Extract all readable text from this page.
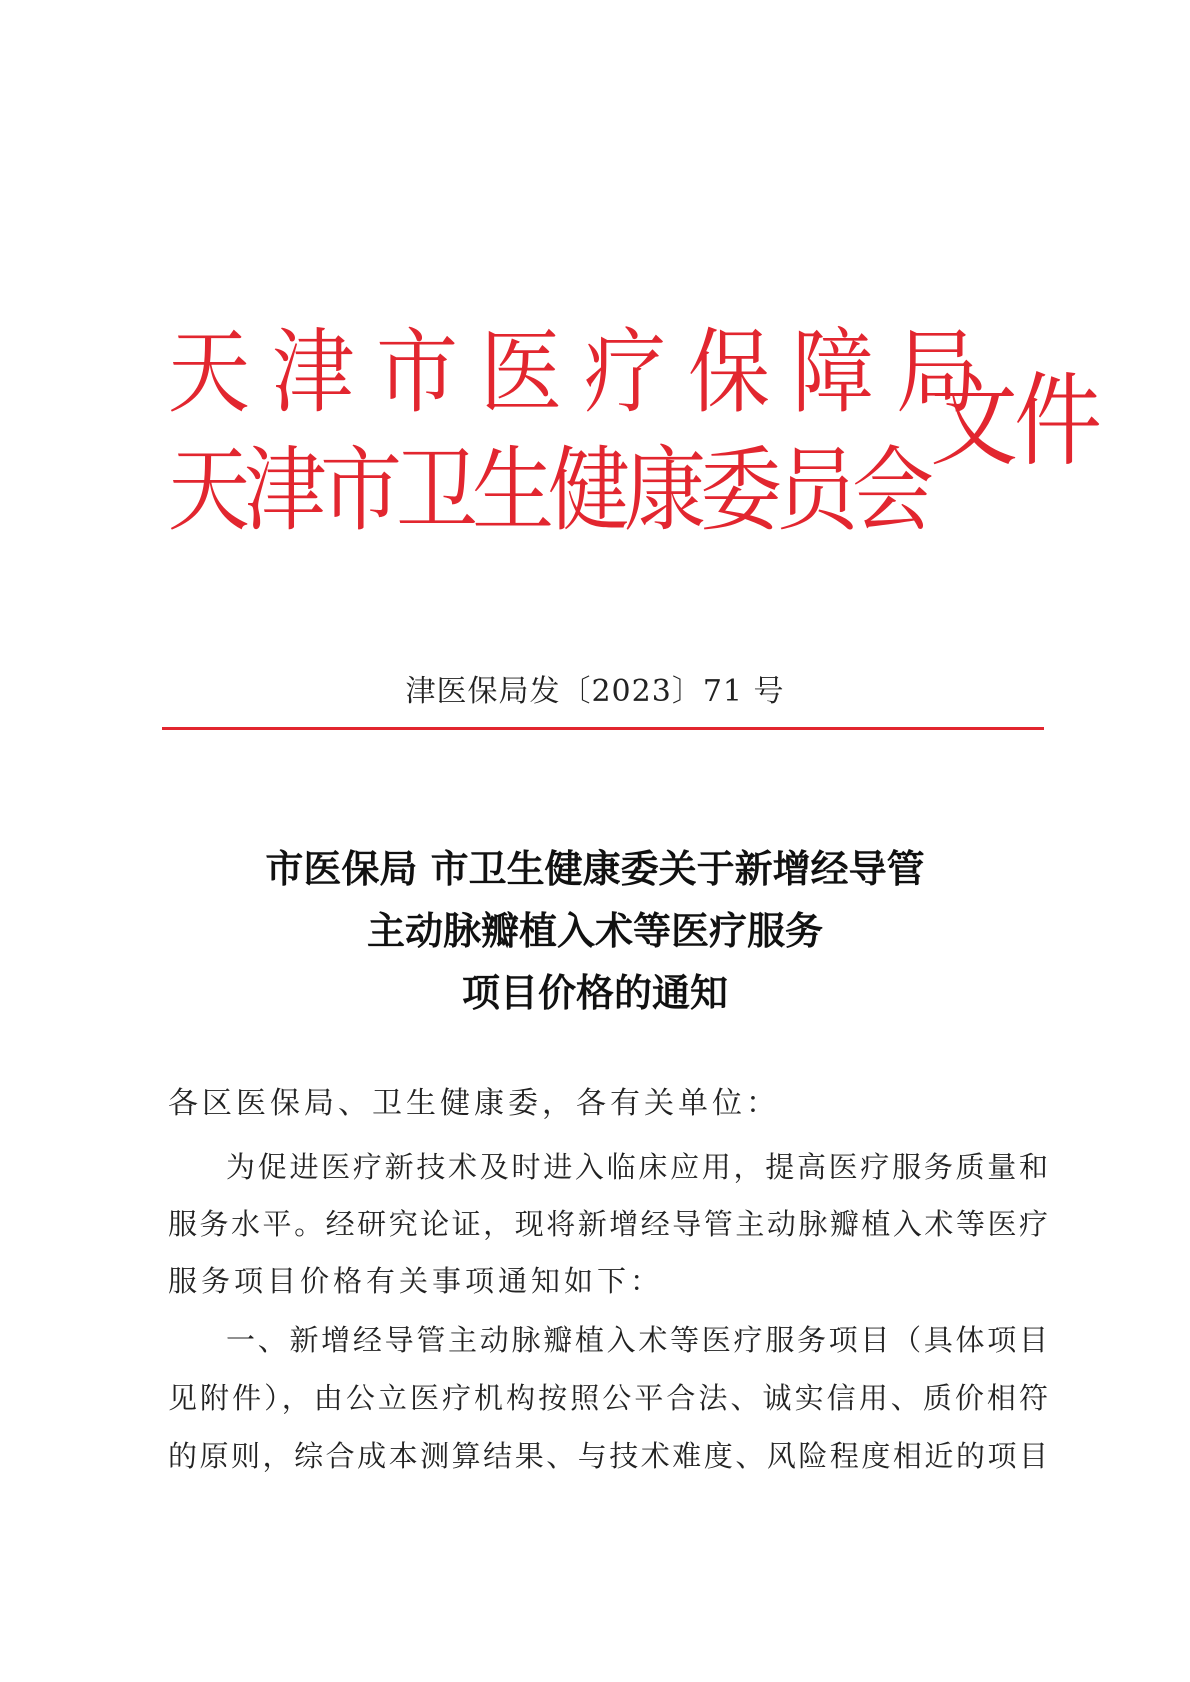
天津市医疗保障局
天津市卫生健康委员会
文件
津医保局发〔2023〕71 号
市医保局 市卫生健康委关于新增经导管
主动脉瓣植入术等医疗服务
项目价格的通知
各区医保局、卫生健康委，各有关单位：
为促进医疗新技术及时进入临床应用，提高医疗服务质量和
服务水平。经研究论证，现将新增经导管主动脉瓣植入术等医疗
服务项目价格有关事项通知如下：
一、新增经导管主动脉瓣植入术等医疗服务项目（具体项目
见附件），由公立医疗机构按照公平合法、诚实信用、质价相符
的原则，综合成本测算结果、与技术难度、风险程度相近的项目
